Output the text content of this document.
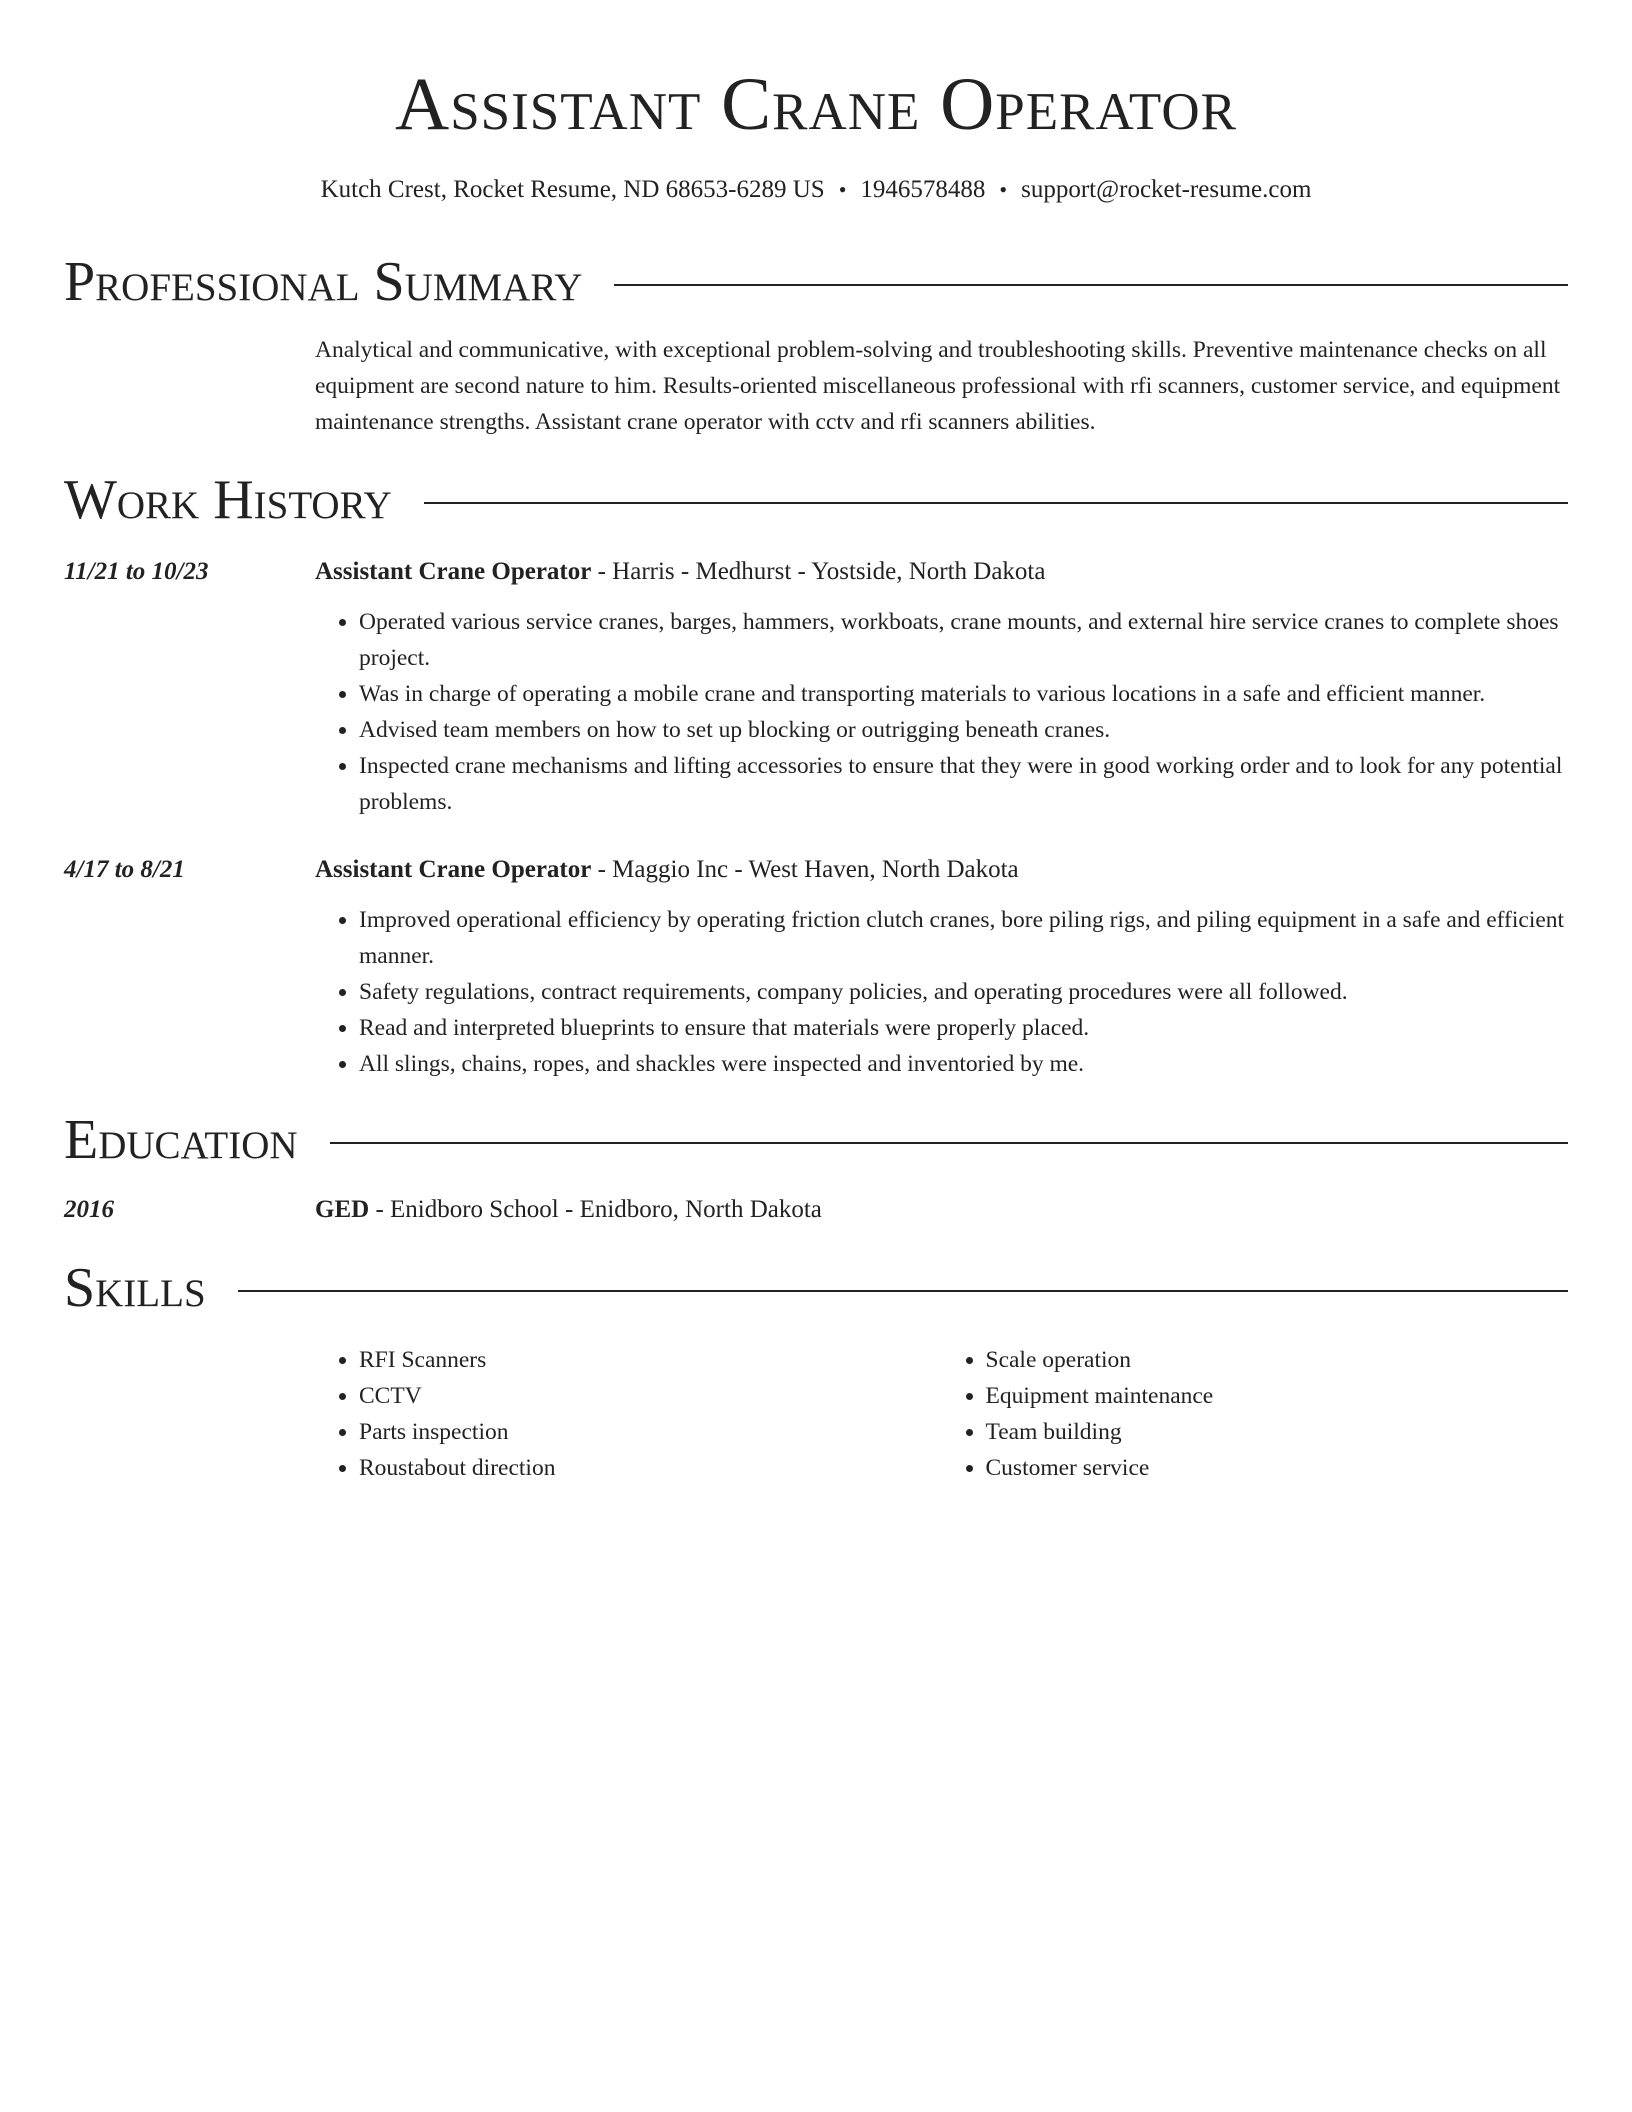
Assistant Crane Operator
Kutch Crest, Rocket Resume, ND 68653-6289 US • 1946578488 • support@rocket-resume.com
Professional Summary

Analytical and communicative, with exceptional problem-solving and troubleshooting skills. Preventive maintenance checks on all equipment are second nature to him. Results-oriented miscellaneous professional with rfi scanners, customer service, and equipment maintenance strengths. Assistant crane operator with cctv and rfi scanners abilities.

Work History
11/21 to 10/23	Assistant Crane Operator - Harris - Medhurst - Yostside, North Dakota
• Operated various service cranes, barges, hammers, workboats, crane mounts, and external hire service cranes to complete shoes project.
• Was in charge of operating a mobile crane and transporting materials to various locations in a safe and efficient manner.
• Advised team members on how to set up blocking or outrigging beneath cranes.
• Inspected crane mechanisms and lifting accessories to ensure that they were in good working order and to look for any potential problems.
4/17 to 8/21	Assistant Crane Operator - Maggio Inc - West Haven, North Dakota
• Improved operational efficiency by operating friction clutch cranes, bore piling rigs, and piling equipment in a safe and efficient manner.
• Safety regulations, contract requirements, company policies, and operating procedures were all followed.
• Read and interpreted blueprints to ensure that materials were properly placed.
• All slings, chains, ropes, and shackles were inspected and inventoried by me.
Education
2016	GED - Enidboro School - Enidboro, North Dakota
Skills
• RFI Scanners
• CCTV
• Parts inspection
• Roustabout direction
• Scale operation
• Equipment maintenance
• Team building
• Customer service
